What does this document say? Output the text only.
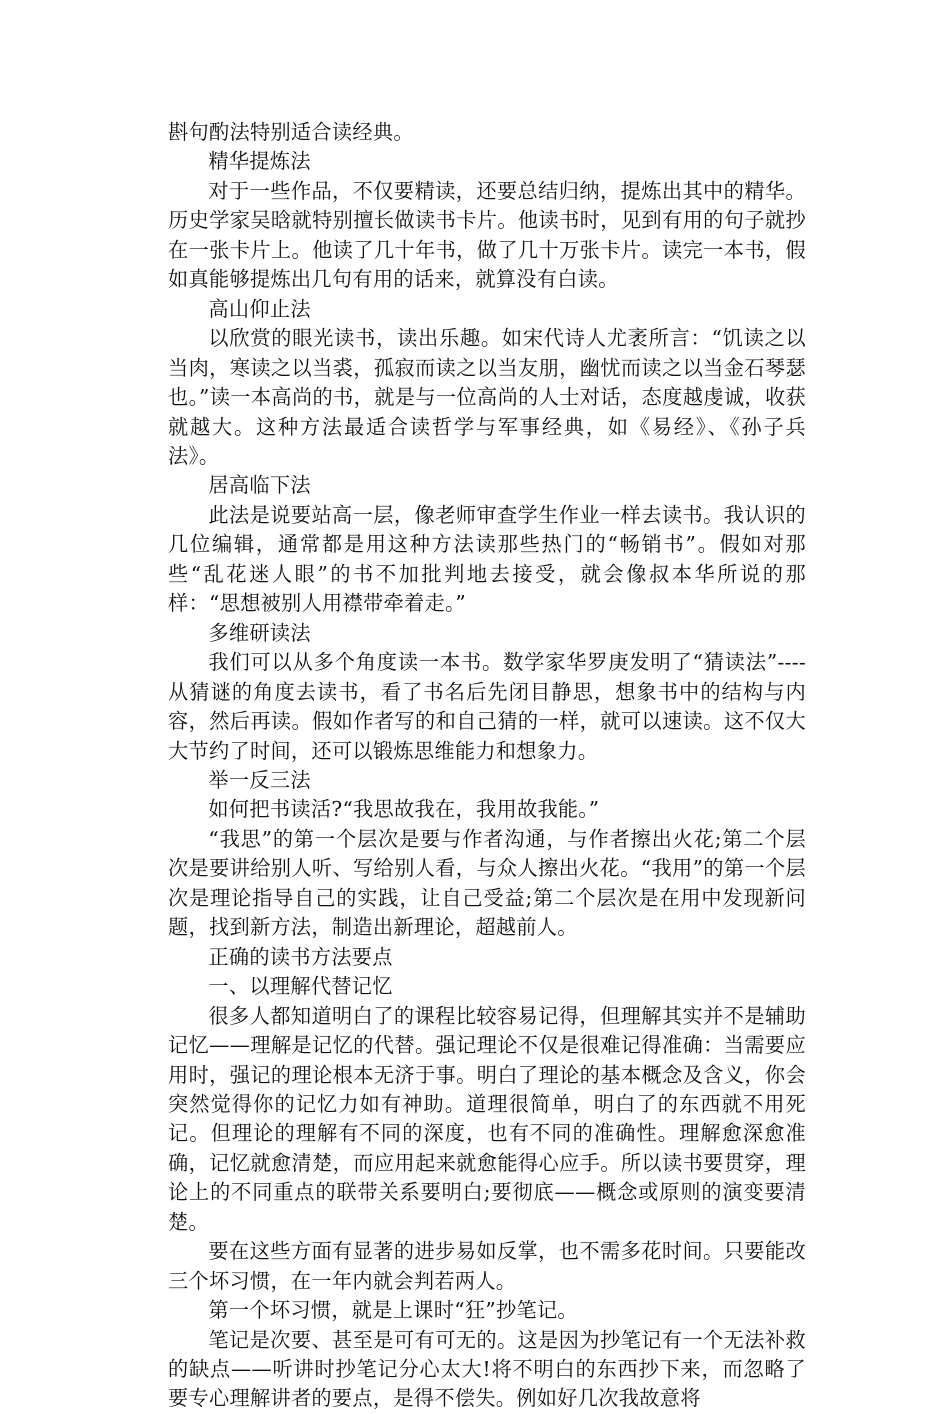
斟句酌法特别适合读经典。

精华提炼法

对于一些作品，不仅要精读，还要总结归纳，提炼出其中的精华。历史学家吴晗就特别擅长做读书卡片。他读书时，见到有用的句子就抄在一张卡片上。他读了几十年书，做了几十万张卡片。读完一本书，假如真能够提炼出几句有用的话来，就算没有白读。

高山仰止法

以欣赏的眼光读书，读出乐趣。如宋代诗人尤袤所言：“饥读之以当肉，寒读之以当裘，孤寂而读之以当友朋，幽忧而读之以当金石琴瑟也。”读一本高尚的书，就是与一位高尚的人士对话，态度越虔诚，收获就越大。这种方法最适合读哲学与军事经典，如《易经》、《孙子兵法》。

居高临下法

此法是说要站高一层，像老师审查学生作业一样去读书。我认识的几位编辑，通常都是用这种方法读那些热门的“畅销书”。假如对那些“乱花迷人眼”的书不加批判地去接受，就会像叔本华所说的那样：“思想被别人用襟带牵着走。”

多维研读法

我们可以从多个角度读一本书。数学家华罗庚发明了“猜读法”----从猜谜的角度去读书，看了书名后先闭目静思，想象书中的结构与内容，然后再读。假如作者写的和自己猜的一样，就可以速读。这不仅大大节约了时间，还可以锻炼思维能力和想象力。

举一反三法

如何把书读活?“我思故我在，我用故我能。”

“我思”的第一个层次是要与作者沟通，与作者擦出火花;第二个层次是要讲给别人听、写给别人看，与众人擦出火花。“我用”的第一个层次是理论指导自己的实践，让自己受益;第二个层次是在用中发现新问题，找到新方法，制造出新理论，超越前人。

正确的读书方法要点

一、以理解代替记忆

很多人都知道明白了的课程比较容易记得，但理解其实并不是辅助记忆——理解是记忆的代替。强记理论不仅是很难记得准确：当需要应用时，强记的理论根本无济于事。明白了理论的基本概念及含义，你会突然觉得你的记忆力如有神助。道理很简单，明白了的东西就不用死记。但理论的理解有不同的深度，也有不同的准确性。理解愈深愈准确，记忆就愈清楚，而应用起来就愈能得心应手。所以读书要贯穿，理论上的不同重点的联带关系要明白;要彻底——概念或原则的演变要清楚。

要在这些方面有显著的进步易如反掌，也不需多花时间。只要能改三个坏习惯，在一年内就会判若两人。

第一个坏习惯，就是上课时“狂”抄笔记。

笔记是次要、甚至是可有可无的。这是因为抄笔记有一个无法补救的缺点——听讲时抄笔记分心太大!将不明白的东西抄下来，而忽略了要专心理解讲者的要点，是得不偿失。例如好几次我故意将
